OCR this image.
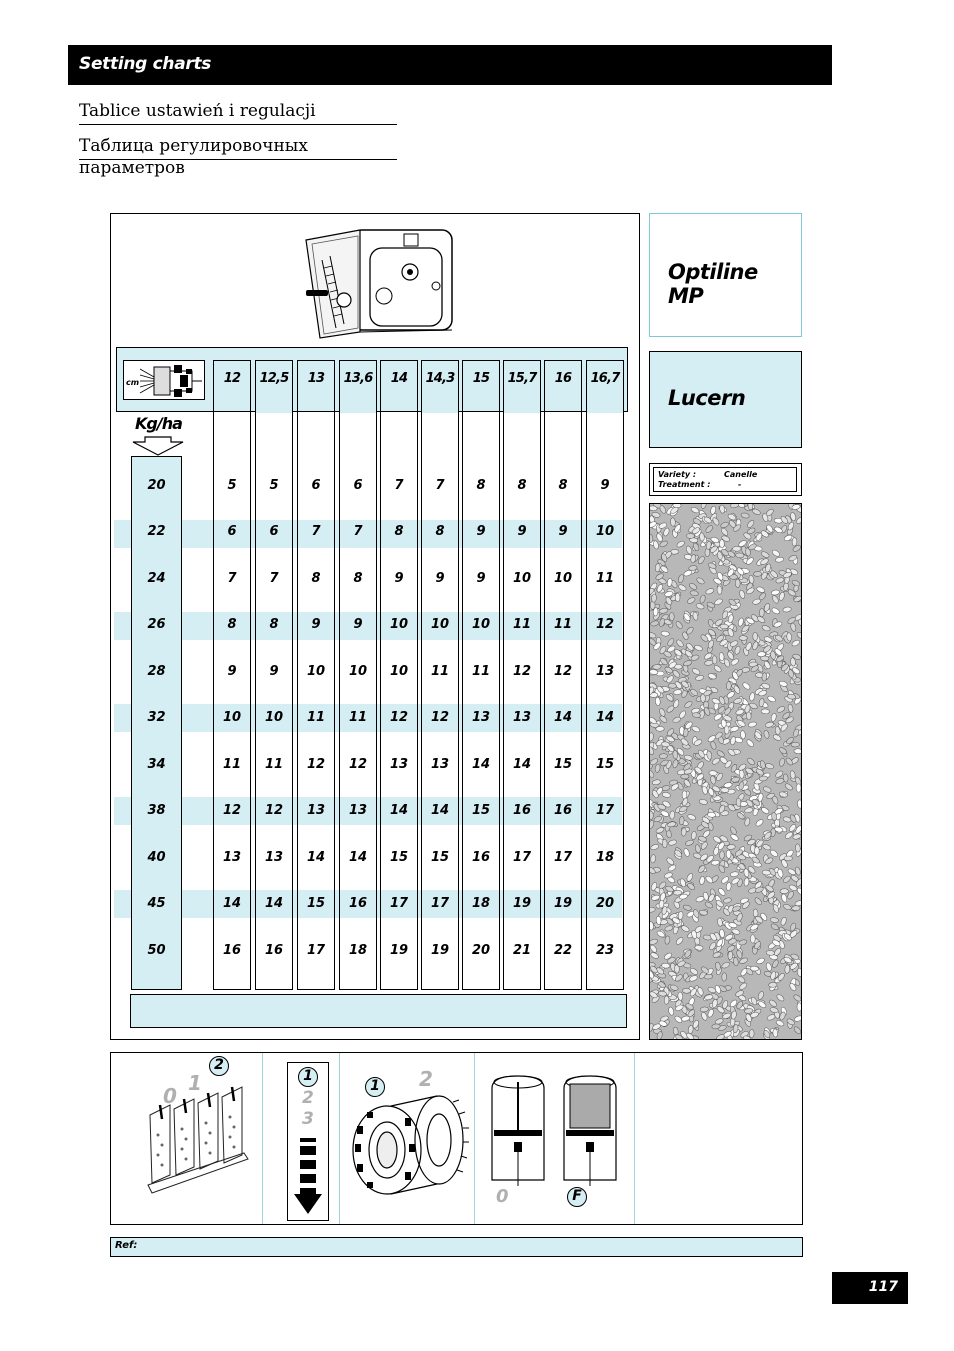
Setting charts
Tablice ustawień i regulacji
Таблица регулировочных параметров
cm
Kg/ha
12	12,5	13	13,6	14	14,3	15	15,7	16	16,7
20	5	5	6	6	7	7	8	8	8	9
22	6	6	7	7	8	8	9	9	9	10
24	7	7	8	8	9	9	9	10	10	11
26	8	8	9	9	10	10	10	11	11	12
28	9	9	10	10	10	11	11	12	12	13
32	10	10	11	11	12	12	13	13	14	14
34	11	11	12	12	13	13	14	14	15	15
38	12	12	13	13	14	14	15	16	16	17
40	13	13	14	14	15	15	16	17	17	18
45	14	14	15	16	17	17	18	19	19	20
50	16	16	17	18	19	19	20	21	22	23
Optiline MP
Lucern
Variety :	Canelle
Treatment :	-
0
1
2
1
2
3
1 2
0	F
Ref:
117
